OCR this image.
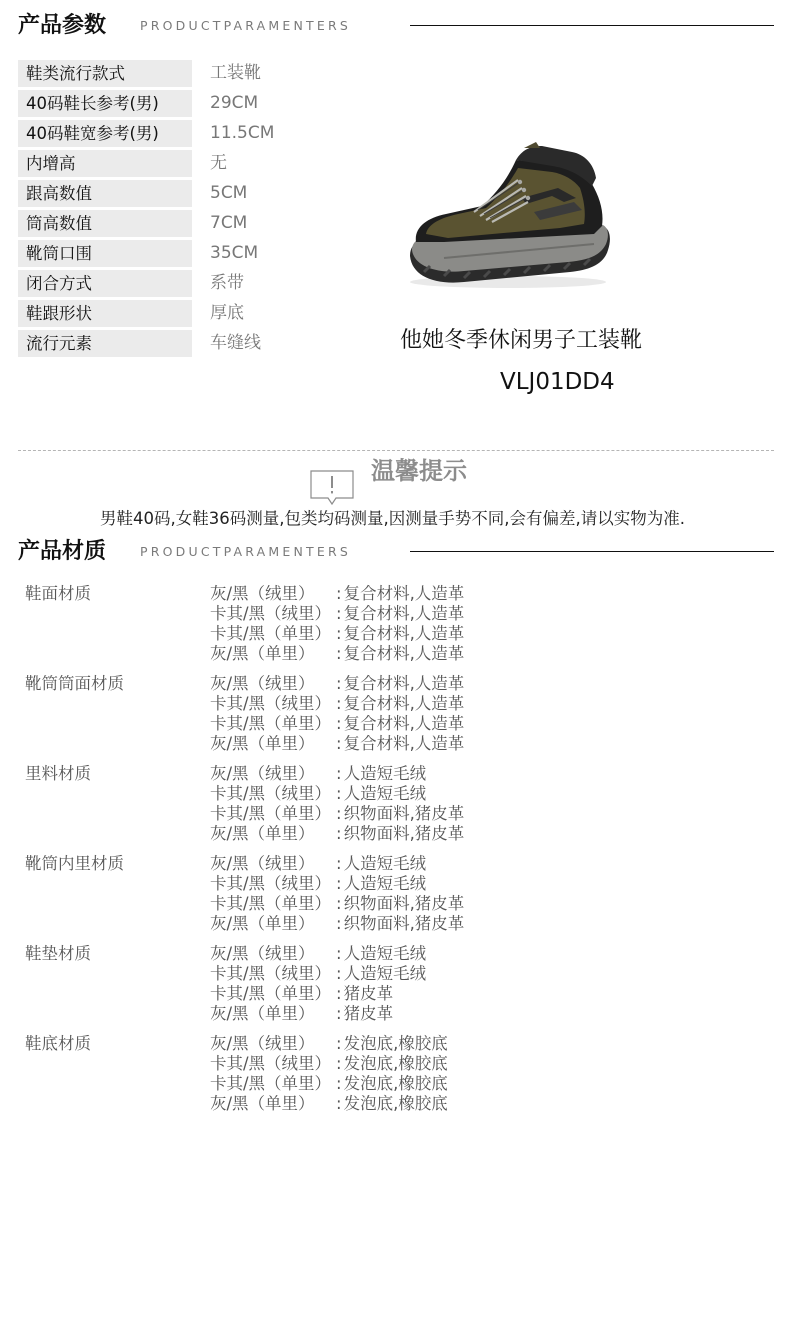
产品参数	PRODUCTPARAMENTERS
鞋类流行款式	工装靴
40码鞋长参考(男)	29CM
40码鞋宽参考(男)	11.5CM
内增高	无
跟高数值	5CM
筒高数值	7CM
靴筒口围	35CM
闭合方式	系带
鞋跟形状	厚底
流行元素	车缝线	他她冬季休闲男子工装靴
VLJ01DD4
温馨提示
男鞋40码,女鞋36码测量,包类均码测量,因测量手势不同,会有偏差,请以实物为准.
产品材质	PRODUCTPARAMENTERS
鞋面材质	灰/黑（绒里）	: 复合材料,人造革
卡其/黑（绒里） : 复合材料,人造革
卡其/黑（单里） : 复合材料,人造革
灰/黑（单里）	: 复合材料,人造革
靴筒筒面材质	灰/黑（绒里）	: 复合材料,人造革
卡其/黑（绒里） : 复合材料,人造革
卡其/黑（单里） : 复合材料,人造革
灰/黑（单里）	: 复合材料,人造革
里料材质	灰/黑（绒里）	: 人造短毛绒
卡其/黑（绒里） : 人造短毛绒
卡其/黑（单里） : 织物面料,猪皮革
灰/黑（单里）	: 织物面料,猪皮革
靴筒内里材质	灰/黑（绒里）	: 人造短毛绒
卡其/黑（绒里） : 人造短毛绒
卡其/黑（单里） : 织物面料,猪皮革
灰/黑（单里）	: 织物面料,猪皮革
鞋垫材质	灰/黑（绒里）	: 人造短毛绒
卡其/黑（绒里） : 人造短毛绒
卡其/黑（单里） : 猪皮革
灰/黑（单里）	: 猪皮革
鞋底材质	灰/黑（绒里）	: 发泡底,橡胶底
卡其/黑（绒里） : 发泡底,橡胶底
卡其/黑（单里） : 发泡底,橡胶底
灰/黑（单里）	: 发泡底,橡胶底
